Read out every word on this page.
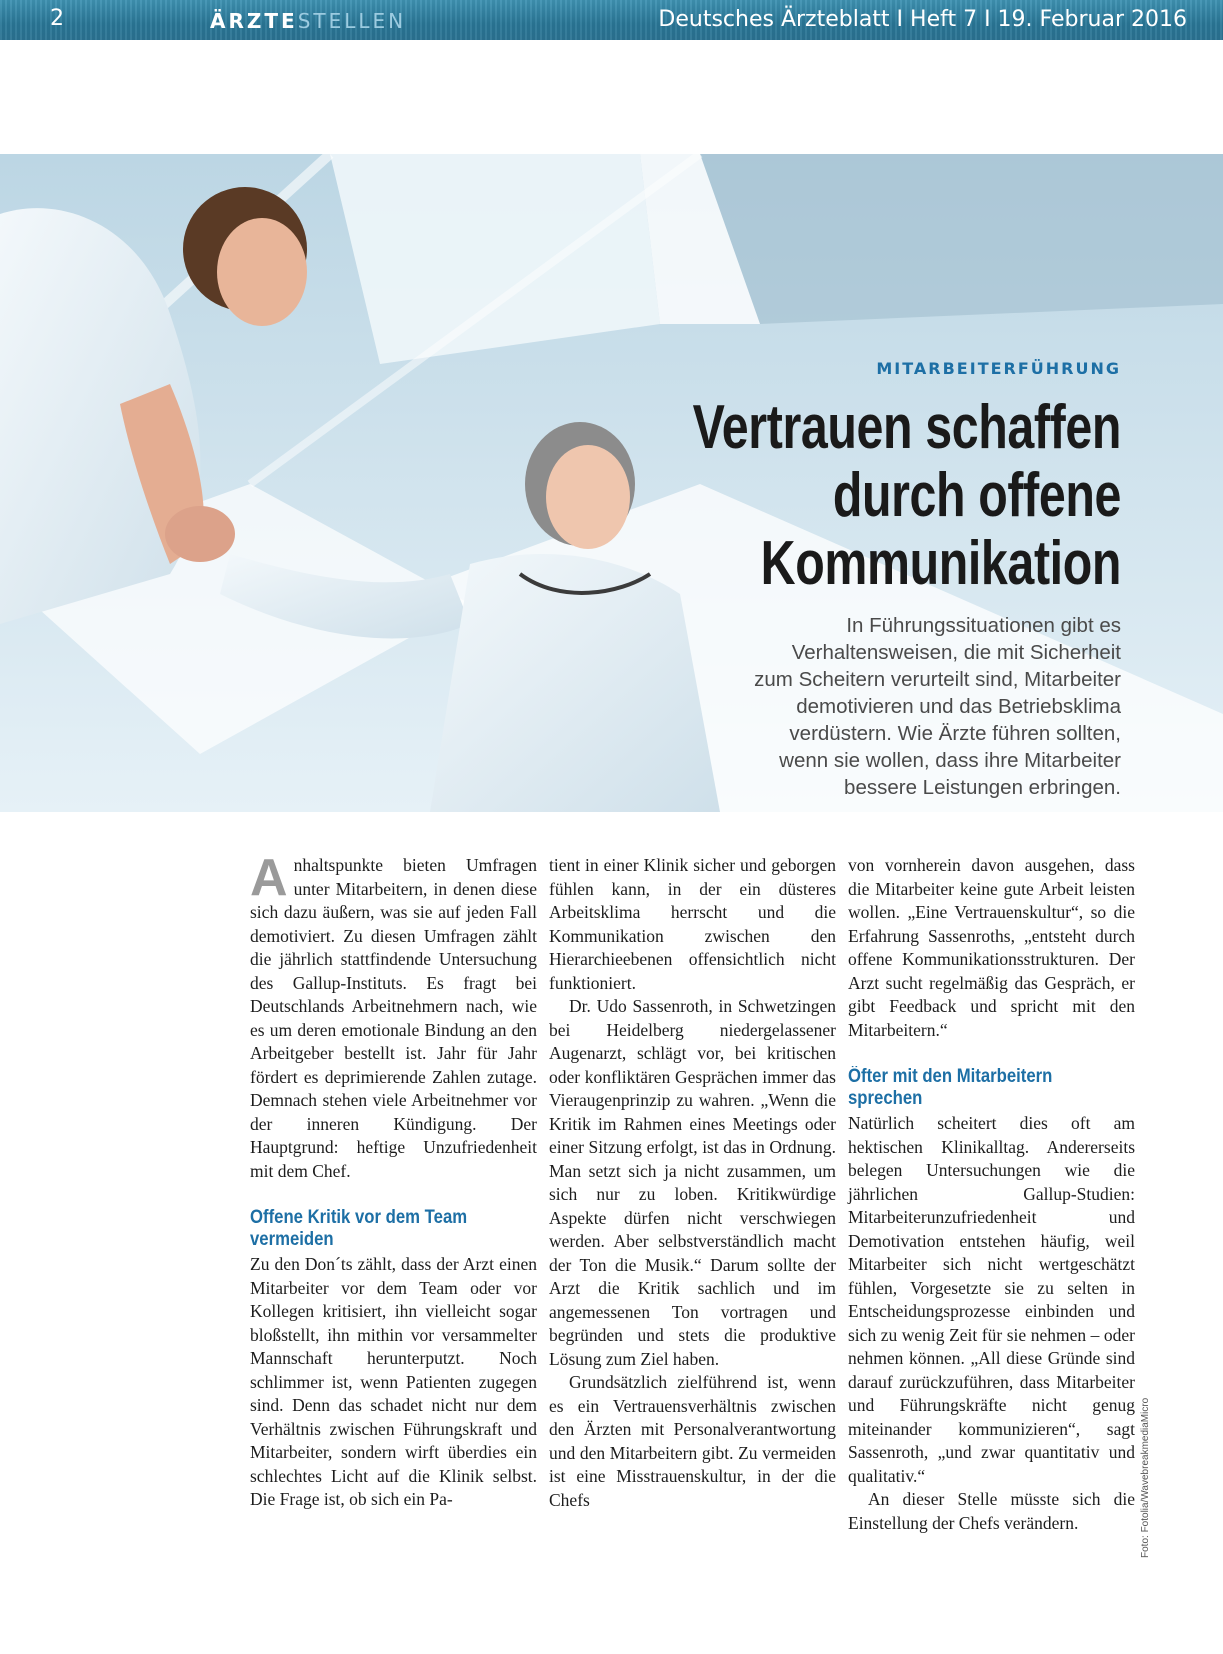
2	ÄRZTESTELLEN	Deutsches Ärzteblatt I Heft 7 I 19. Februar 2016
MITARBEITERFÜHRUNG
Vertrauen schaffen
durch offene
Kommunikation
In Führungssituationen gibt es
Verhaltensweisen, die mit Sicherheit
zum Scheitern verurteilt sind, Mitarbeiter
demotivieren und das Betriebsklima
verdüstern. Wie Ärzte führen sollten,
wenn sie wollen, dass ihre Mitarbeiter
bessere Leistungen erbringen.

Anhaltspunkte bieten Umfragen unter Mitarbeitern, in denen diese sich dazu äußern, was sie auf jeden Fall demotiviert. Zu diesen Umfragen zählt die jährlich stattfindende Untersuchung des Gallup-Instituts. Es fragt bei Deutschlands Arbeitnehmern nach, wie es um deren emotionale Bindung an den Arbeitgeber bestellt ist. Jahr für Jahr fördert es deprimierende Zahlen zutage. Demnach stehen viele Arbeitnehmer vor der inneren Kündigung. Der Hauptgrund: heftige Unzufriedenheit mit dem Chef.

Offene Kritik vor dem Team
vermeiden

Zu den Don´ts zählt, dass der Arzt einen Mitarbeiter vor dem Team oder vor Kollegen kritisiert, ihn vielleicht sogar bloßstellt, ihn mithin vor versammelter Mannschaft herunterputzt. Noch schlimmer ist, wenn Patienten zugegen sind. Denn das schadet nicht nur dem Verhältnis zwischen Führungskraft und Mitarbeiter, sondern wirft überdies ein schlechtes Licht auf die Klinik selbst. Die Frage ist, ob sich ein Pa-

tient in einer Klinik sicher und geborgen fühlen kann, in der ein düsteres Arbeitsklima herrscht und die Kommunikation zwischen den Hierarchieebenen offensichtlich nicht funktioniert.

Dr. Udo Sassenroth, in Schwetzingen bei Heidelberg niedergelassener Augenarzt, schlägt vor, bei kritischen oder konfliktären Gesprächen immer das Vieraugenprinzip zu wahren. „Wenn die Kritik im Rahmen eines Meetings oder einer Sitzung erfolgt, ist das in Ordnung. Man setzt sich ja nicht zusammen, um sich nur zu loben. Kritikwürdige Aspekte dürfen nicht verschwiegen werden. Aber selbstverständlich macht der Ton die Musik.“ Darum sollte der Arzt die Kritik sachlich und im angemessenen Ton vortragen und begründen und stets die produktive Lösung zum Ziel haben.

Grundsätzlich zielführend ist, wenn es ein Vertrauensverhältnis zwischen den Ärzten mit Personalverantwortung und den Mitarbeitern gibt. Zu vermeiden ist eine Misstrauenskultur, in der die Chefs

von vornherein davon ausgehen, dass die Mitarbeiter keine gute Arbeit leisten wollen. „Eine Vertrauenskultur“, so die Erfahrung Sassenroths, „entsteht durch offene Kommunikationsstrukturen. Der Arzt sucht regelmäßig das Gespräch, er gibt Feedback und spricht mit den Mitarbeitern.“

Öfter mit den Mitarbeitern
sprechen

Natürlich scheitert dies oft am hektischen Klinikalltag. Andererseits belegen Untersuchungen wie die jährlichen Gallup-Studien: Mitarbeiterunzufriedenheit und Demotivation entstehen häufig, weil Mitarbeiter sich nicht wertgeschätzt fühlen, Vorgesetzte sie zu selten in Entscheidungsprozesse einbinden und sich zu wenig Zeit für sie nehmen – oder nehmen können. „All diese Gründe sind darauf zurückzuführen, dass Mitarbeiter und Führungskräfte nicht genug miteinander kommunizieren“, sagt Sassenroth, „und zwar quantitativ und qualitativ.“

An dieser Stelle müsste sich die Einstellung der Chefs verändern.	Foto: Fotolia/WavebreakmediaMicro
